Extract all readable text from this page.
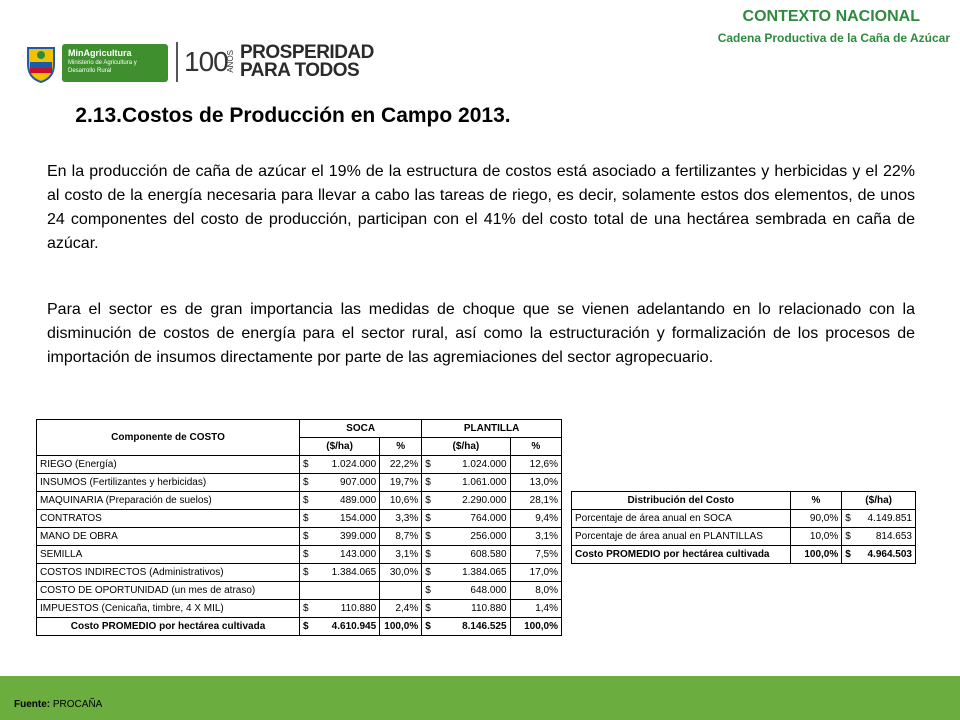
MinAgricultura
Ministerio de Agricultura y Desarrollo Rural	100
AÑOS PROSPERIDAD
PARA TODOS
CONTEXTO NACIONAL
Cadena Productiva de la Caña de Azúcar
2.13.Costos de Producción en Campo 2013.

En la producción de caña de azúcar el 19% de la estructura de costos está asociado a fertilizantes y herbicidas y el 22% al costo de la energía necesaria para llevar a cabo las tareas de riego, es decir, solamente estos dos elementos, de unos 24 componentes del costo de producción, participan con el 41% del costo total de una hectárea sembrada en caña de azúcar.

Para el sector es de gran importancia las medidas de choque que se vienen adelantando en lo relacionado con la disminución de costos de energía para el sector rural, así como la estructuración y formalización de los procesos de importación de insumos directamente por parte de las agremiaciones del sector agropecuario.

Componente de COSTO	SOCA			PLANTILLA		
	($/ha)		%	($/ha)		%
RIEGO (Energía)	$	1.024.000	22,2%	$	1.024.000	12,6%
INSUMOS (Fertilizantes y herbicidas)	$	907.000	19,7%	$	1.061.000	13,0%
MAQUINARIA (Preparación de suelos)	$	489.000	10,6%	$	2.290.000	28,1%
CONTRATOS	$	154.000	3,3%	$	764.000	9,4%
MANO DE OBRA	$	399.000	8,7%	$	256.000	3,1%
SEMILLA	$	143.000	3,1%	$	608.580	7,5%
COSTOS INDIRECTOS (Administrativos)	$	1.384.065	30,0%	$	1.384.065	17,0%
COSTO DE OPORTUNIDAD (un mes de atraso)				$	648.000	8,0%
IMPUESTOS (Cenicaña, timbre, 4 X MIL)	$	110.880	2,4%	$	110.880	1,4%
Costo PROMEDIO por hectárea cultivada	$	4.610.945	100,0%	$	8.146.525	100,0%
Distribución del Costo	%	($/ha)	
Porcentaje de área anual en SOCA	90,0%	$	4.149.851
Porcentaje de área anual en PLANTILLAS	10,0%	$	814.653
Costo PROMEDIO por hectárea cultivada	100,0%	$	4.964.503
Fuente: PROCAÑA
